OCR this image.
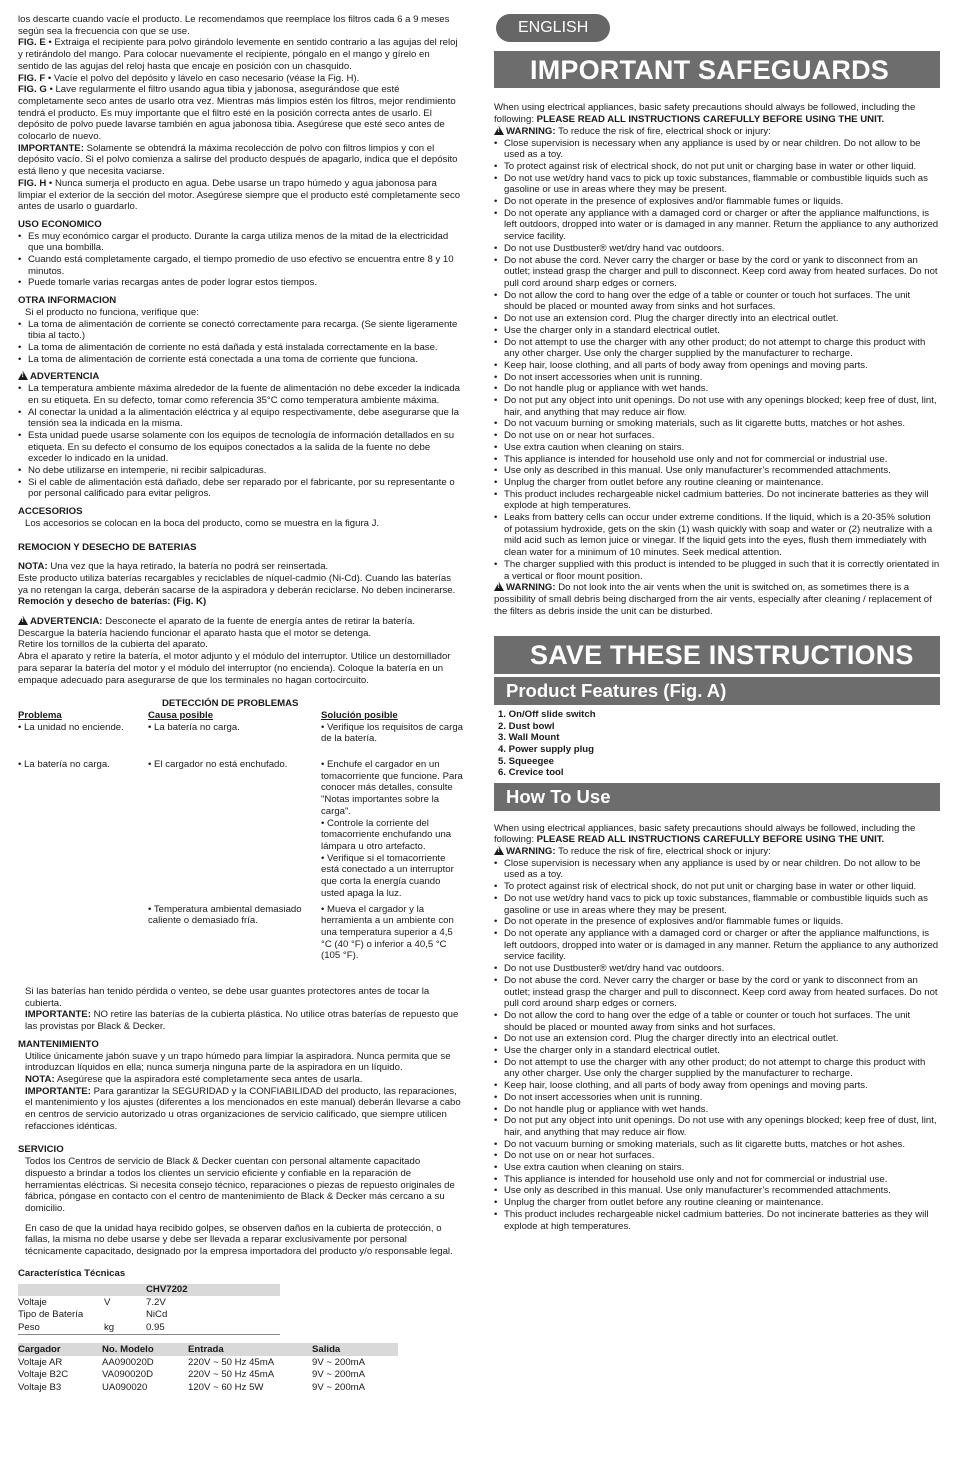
los descarte cuando vacíe el producto. Le recomendamos que reemplace los filtros cada 6 a 9 meses según sea la frecuencia con que se use.

FIG. E • Extraiga el recipiente para polvo girándolo levemente en sentido contrario a las agujas del reloj y retirándolo del mango. Para colocar nuevamente el recipiente, póngalo en el mango y gírelo en sentido de las agujas del reloj hasta que encaje en posición con un chasquido.

FIG. F • Vacíe el polvo del depósito y lávelo en caso necesario (véase la Fig. H).

FIG. G • Lave regularmente el filtro usando agua tibia y jabonosa, asegurándose que esté completamente seco antes de usarlo otra vez. Mientras más limpios estén los filtros, mejor rendimiento tendrá el producto. Es muy importante que el filtro esté en la posición correcta antes de usarlo. El depósito de polvo puede lavarse también en agua jabonosa tibia. Asegúrese que esté seco antes de colocarlo de nuevo.

IMPORTANTE: Solamente se obtendrá la máxima recolección de polvo con filtros limpios y con el depósito vacío. Si el polvo comienza a salirse del producto después de apagarlo, indica que el depósito está lleno y que necesita vaciarse.

FIG. H • Nunca sumerja el producto en agua. Debe usarse un trapo húmedo y agua jabonosa para limpiar el exterior de la sección del motor. Asegúrese siempre que el producto esté completamente seco antes de usarlo o guardarlo.

USO ECONOMICO

• Es muy económico cargar el producto. Durante la carga utiliza menos de la mitad de la electricidad que una bombilla.
• Cuando está completamente cargado, el tiempo promedio de uso efectivo se encuentra entre 8 y 10 minutos.
• Puede tomarle varias recargas antes de poder lograr estos tiempos.

OTRA INFORMACION

Si el producto no funciona, verifique que:

• La toma de alimentación de corriente se conectó correctamente para recarga. (Se siente ligeramente tibia al tacto.)
• La toma de alimentación de corriente no está dañada y está instalada correctamente en la base.
• La toma de alimentación de corriente está conectada a una toma de corriente que funciona.

!ADVERTENCIA

• La temperatura ambiente máxima alrededor de la fuente de alimentación no debe exceder la indicada en su etiqueta. En su defecto, tomar como referencia 35°C como temperatura ambiente máxima.
• Al conectar la unidad a la alimentación eléctrica y al equipo respectivamente, debe asegurarse que la tensión sea la indicada en la misma.
• Esta unidad puede usarse solamente con los equipos de tecnología de información detallados en su etiqueta. En su defecto el consumo de los equipos conectados a la salida de la fuente no debe exceder lo indicado en la unidad.
• No debe utilizarse en intemperie, ni recibir salpicaduras.
• Si el cable de alimentación está dañado, debe ser reparado por el fabricante, por su representante o por personal calificado para evitar peligros.

ACCESORIOS

Los accesorios se colocan en la boca del producto, como se muestra en la figura J.

REMOCION Y DESECHO DE BATERIAS

NOTA: Una vez que la haya retirado, la batería no podrá ser reinsertada.

Este producto utiliza baterías recargables y reciclables de níquel-cadmio (Ni-Cd). Cuando las baterías ya no retengan la carga, deberán sacarse de la aspiradora y deberán reciclarse. No deben incinerarse.

Remoción y desecho de baterías: (Fig. K)

!ADVERTENCIA: Desconecte el aparato de la fuente de energía antes de retirar la batería.

Descargue la batería haciendo funcionar el aparato hasta que el motor se detenga.

Retire los tornillos de la cubierta del aparato.

Abra el aparato y retire la batería, el motor adjunto y el módulo del interruptor. Utilice un destornillador para separar la batería del motor y el módulo del interruptor (no encienda). Coloque la batería en un empaque adecuado para asegurarse de que los terminales no hagan cortocircuito.

DETECCIÓN DE PROBLEMAS

Problema	Causa posible	Solución posible

• La unidad no enciende.	• La batería no carga.	• Verifique los requisitos de carga de la batería.

• La batería no carga.	• El cargador no está enchufado.	• Enchufe el cargador en un tomacorriente que funcione. Para conocer más detalles, consulte "Notas importantes sobre la carga".
• Controle la corriente del tomacorriente enchufando una lámpara u otro artefacto.
• Verifique si el tomacorriente está conectado a un interruptor que corta la energía cuando usted apaga la luz.

	• Temperatura ambiental demasiado caliente o demasiado fría.	• Mueva el cargador y la herramienta a un ambiente con una temperatura superior a 4,5 °C (40 °F) o inferior a 40,5 °C (105 °F).

Si las baterías han tenido pérdida o venteo, se debe usar guantes protectores antes de tocar la cubierta.

IMPORTANTE: NO retire las baterías de la cubierta plástica. No utilice otras baterías de repuesto que las provistas por Black & Decker.

MANTENIMIENTO

Utilice únicamente jabón suave y un trapo húmedo para limpiar la aspiradora. Nunca permita que se introduzcan líquidos en ella; nunca sumerja ninguna parte de la aspiradora en un líquido.

NOTA: Asegúrese que la aspiradora esté completamente seca antes de usarla.

IMPORTANTE: Para garantizar la SEGURIDAD y la CONFIABILIDAD del producto, las reparaciones, el mantenimiento y los ajustes (diferentes a los mencionados en este manual) deberán llevarse a cabo en centros de servicio autorizado u otras organizaciones de servicio calificado, que siempre utilicen refacciones idénticas.

SERVICIO

Todos los Centros de servicio de Black & Decker cuentan con personal altamente capacitado dispuesto a brindar a todos los clientes un servicio eficiente y confiable en la reparación de herramientas eléctricas. Si necesita consejo técnico, reparaciones o piezas de repuesto originales de fábrica, póngase en contacto con el centro de mantenimiento de Black & Decker más cercano a su domicilio.

En caso de que la unidad haya recibido golpes, se observen daños en la cubierta de protección, o fallas, la misma no debe usarse y debe ser llevada a reparar exclusivamente por personal técnicamente capacitado, designado por la empresa importadora del producto y/o responsable legal.

Característica Técnicas

		CHV7202
Voltaje	V	7.2V
Tipo de Batería		NiCd
Peso	kg	0.95
Cargador	No. Modelo	Entrada	Salida
Voltaje AR	AA090020D	220V ~ 50 Hz 45mA	9V ~ 200mA
Voltaje B2C	VA090020D	220V ~ 50 Hz 45mA	9V ~ 200mA
Voltaje B3	UA090020	120V ~ 60 Hz 5W	9V ~ 200mA
ENGLISH
IMPORTANT SAFEGUARDS

When using electrical appliances, basic safety precautions should always be followed, including the following: PLEASE READ ALL INSTRUCTIONS CAREFULLY BEFORE USING THE UNIT.

!WARNING: To reduce the risk of fire, electrical shock or injury:

• Close supervision is necessary when any appliance is used by or near children. Do not allow to be used as a toy.
• To protect against risk of electrical shock, do not put unit or charging base in water or other liquid.
• Do not use wet/dry hand vacs to pick up toxic substances, flammable or combustible liquids such as gasoline or use in areas where they may be present.
• Do not operate in the presence of explosives and/or flammable fumes or liquids.
• Do not operate any appliance with a damaged cord or charger or after the appliance malfunctions, is left outdoors, dropped into water or is damaged in any manner. Return the appliance to any authorized service facility.
• Do not use Dustbuster® wet/dry hand vac outdoors.
• Do not abuse the cord. Never carry the charger or base by the cord or yank to disconnect from an outlet; instead grasp the charger and pull to disconnect. Keep cord away from heated surfaces. Do not pull cord around sharp edges or corners.
• Do not allow the cord to hang over the edge of a table or counter or touch hot surfaces. The unit should be placed or mounted away from sinks and hot surfaces.
• Do not use an extension cord. Plug the charger directly into an electrical outlet.
• Use the charger only in a standard electrical outlet.
• Do not attempt to use the charger with any other product; do not attempt to charge this product with any other charger. Use only the charger supplied by the manufacturer to recharge.
• Keep hair, loose clothing, and all parts of body away from openings and moving parts.
• Do not insert accessories when unit is running.
• Do not handle plug or appliance with wet hands.
• Do not put any object into unit openings. Do not use with any openings blocked; keep free of dust, lint, hair, and anything that may reduce air flow.
• Do not vacuum burning or smoking materials, such as lit cigarette butts, matches or hot ashes.
• Do not use on or near hot surfaces.
• Use extra caution when cleaning on stairs.
• This appliance is intended for household use only and not for commercial or industrial use.
• Use only as described in this manual. Use only manufacturer’s recommended attachments.
• Unplug the charger from outlet before any routine cleaning or maintenance.
• This product includes rechargeable nickel cadmium batteries. Do not incinerate batteries as they will explode at high temperatures.
• Leaks from battery cells can occur under extreme conditions. If the liquid, which is a 20-35% solution of potassium hydroxide, gets on the skin (1) wash quickly with soap and water or (2) neutralize with a mild acid such as lemon juice or vinegar. If the liquid gets into the eyes, flush them immediately with clean water for a minimum of 10 minutes. Seek medical attention.
• The charger supplied with this product is intended to be plugged in such that it is correctly orientated in a vertical or floor mount position.

!WARNING: Do not look into the air vents when the unit is switched on, as sometimes there is a possibility of small debris being discharged from the air vents, especially after cleaning / replacement of the filters as debris inside the unit can be disturbed.

SAVE THESE INSTRUCTIONS
Product Features (Fig. A)
1. On/Off slide switch
2. Dust bowl
3. Wall Mount
4. Power supply plug
5. Squeegee
6. Crevice tool
How To Use

When using electrical appliances, basic safety precautions should always be followed, including the following: PLEASE READ ALL INSTRUCTIONS CAREFULLY BEFORE USING THE UNIT.

!WARNING: To reduce the risk of fire, electrical shock or injury:

• Close supervision is necessary when any appliance is used by or near children. Do not allow to be used as a toy.
• To protect against risk of electrical shock, do not put unit or charging base in water or other liquid.
• Do not use wet/dry hand vacs to pick up toxic substances, flammable or combustible liquids such as gasoline or use in areas where they may be present.
• Do not operate in the presence of explosives and/or flammable fumes or liquids.
• Do not operate any appliance with a damaged cord or charger or after the appliance malfunctions, is left outdoors, dropped into water or is damaged in any manner. Return the appliance to any authorized service facility.
• Do not use Dustbuster® wet/dry hand vac outdoors.
• Do not abuse the cord. Never carry the charger or base by the cord or yank to disconnect from an outlet; instead grasp the charger and pull to disconnect. Keep cord away from heated surfaces. Do not pull cord around sharp edges or corners.
• Do not allow the cord to hang over the edge of a table or counter or touch hot surfaces. The unit should be placed or mounted away from sinks and hot surfaces.
• Do not use an extension cord. Plug the charger directly into an electrical outlet.
• Use the charger only in a standard electrical outlet.
• Do not attempt to use the charger with any other product; do not attempt to charge this product with any other charger. Use only the charger supplied by the manufacturer to recharge.
• Keep hair, loose clothing, and all parts of body away from openings and moving parts.
• Do not insert accessories when unit is running.
• Do not handle plug or appliance with wet hands.
• Do not put any object into unit openings. Do not use with any openings blocked; keep free of dust, lint, hair, and anything that may reduce air flow.
• Do not vacuum burning or smoking materials, such as lit cigarette butts, matches or hot ashes.
• Do not use on or near hot surfaces.
• Use extra caution when cleaning on stairs.
• This appliance is intended for household use only and not for commercial or industrial use.
• Use only as described in this manual. Use only manufacturer’s recommended attachments.
• Unplug the charger from outlet before any routine cleaning or maintenance.
• This product includes rechargeable nickel cadmium batteries. Do not incinerate batteries as they will explode at high temperatures.
